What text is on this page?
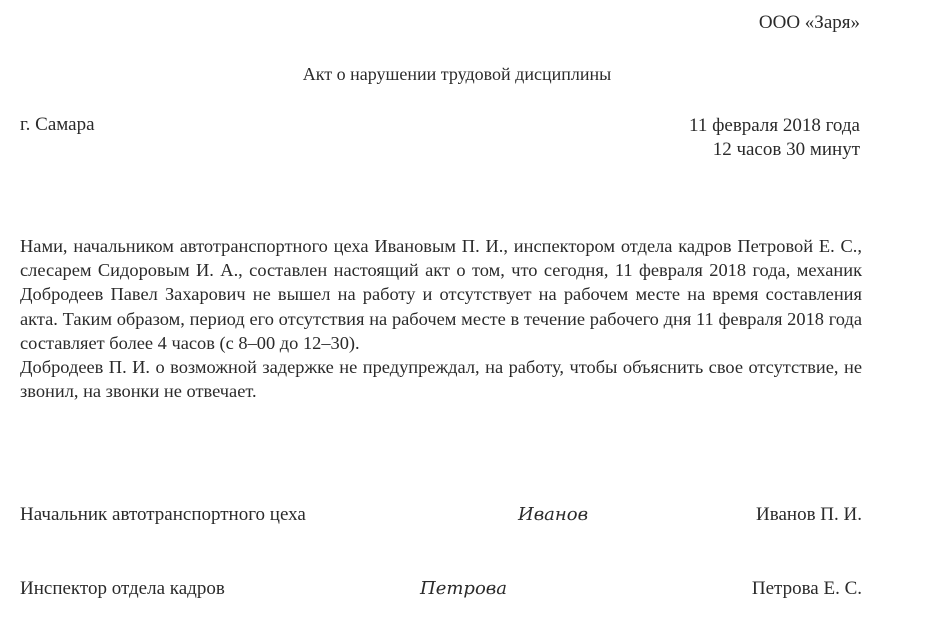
ООО «Заря»
Акт о нарушении трудовой дисциплины
г. Самара	11 февраля 2018 года
12 часов 30 минут

Нами, начальником автотранспортного цеха Ивановым П. И., инспектором отдела кадров Петровой Е. С., слесарем Сидоровым И. А., составлен настоящий акт о том, что сегодня, 11 февраля 2018 года, механик Добродеев Павел Захарович не вышел на работу и отсутствует на рабочем месте на время составления акта. Таким образом, период его отсутствия на рабочем месте в течение рабочего дня 11 февраля 2018 года составляет более 4 часов (с 8–00 до 12–30).

Добродеев П. И. о возможной задержке не предупреждал, на работу, чтобы объяснить свое отсутствие, не звонил, на звонки не отвечает.

Начальник автотранспортного цеха	Иванов	Иванов П. И.
Инспектор отдела кадров	Петрова	Петрова Е. С.
